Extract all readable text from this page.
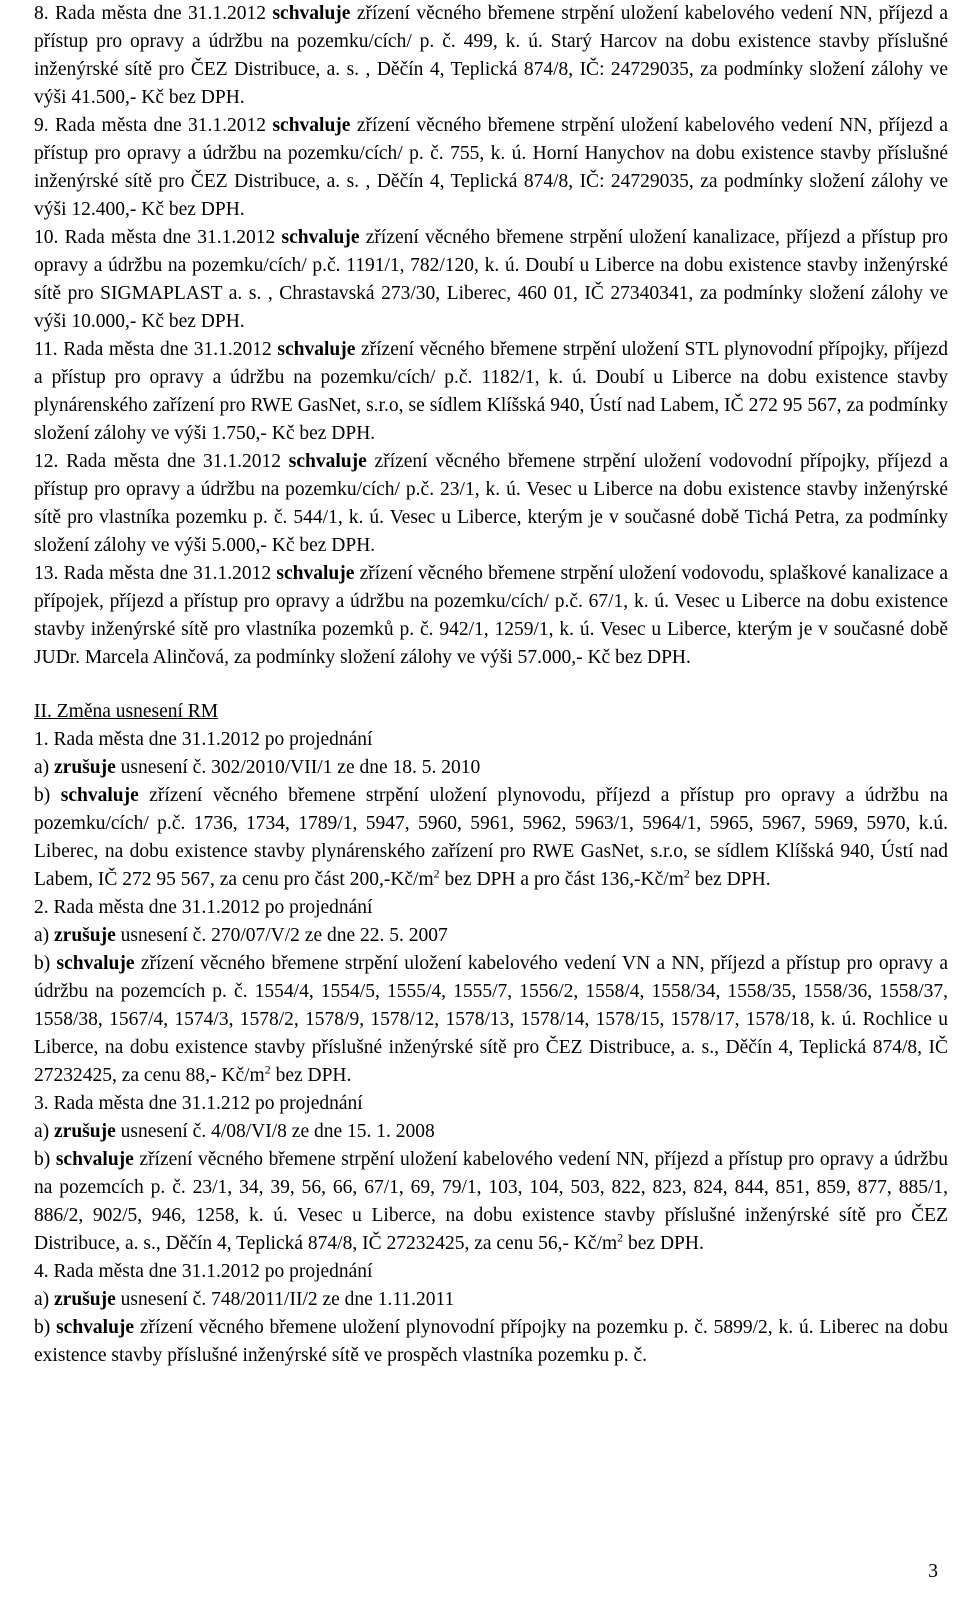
8. Rada města dne 31.1.2012 schvaluje zřízení věcného břemene strpění uložení kabelového vedení NN, příjezd a přístup pro opravy a údržbu na pozemku/cích/ p. č. 499, k. ú. Starý Harcov na dobu existence stavby příslušné inženýrské sítě pro ČEZ Distribuce, a. s. , Děčín 4, Teplická 874/8, IČ: 24729035, za podmínky složení zálohy ve výši 41.500,- Kč bez DPH.

9. Rada města dne 31.1.2012 schvaluje zřízení věcného břemene strpění uložení kabelového vedení NN, příjezd a přístup pro opravy a údržbu na pozemku/cích/ p. č. 755, k. ú. Horní Hanychov na dobu existence stavby příslušné inženýrské sítě pro ČEZ Distribuce, a. s. , Děčín 4, Teplická 874/8, IČ: 24729035, za podmínky složení zálohy ve výši 12.400,- Kč bez DPH.

10. Rada města dne 31.1.2012 schvaluje zřízení věcného břemene strpění uložení kanalizace, příjezd a přístup pro opravy a údržbu na pozemku/cích/ p.č. 1191/1, 782/120, k. ú. Doubí u Liberce na dobu existence stavby inženýrské sítě pro SIGMAPLAST a. s. , Chrastavská 273/30, Liberec, 460 01, IČ 27340341, za podmínky složení zálohy ve výši 10.000,- Kč bez DPH.

11. Rada města dne 31.1.2012 schvaluje zřízení věcného břemene strpění uložení STL plynovodní přípojky, příjezd a přístup pro opravy a údržbu na pozemku/cích/ p.č. 1182/1, k. ú. Doubí u Liberce na dobu existence stavby plynárenského zařízení pro RWE GasNet, s.r.o, se sídlem Klíšská 940, Ústí nad Labem, IČ 272 95 567, za podmínky složení zálohy ve výši 1.750,- Kč bez DPH.

12. Rada města dne 31.1.2012 schvaluje zřízení věcného břemene strpění uložení vodovodní přípojky, příjezd a přístup pro opravy a údržbu na pozemku/cích/ p.č. 23/1, k. ú. Vesec u Liberce na dobu existence stavby inženýrské sítě pro vlastníka pozemku p. č. 544/1, k. ú. Vesec u Liberce, kterým je v současné době Tichá Petra, za podmínky složení zálohy ve výši 5.000,- Kč bez DPH.

13. Rada města dne 31.1.2012 schvaluje zřízení věcného břemene strpění uložení vodovodu, splaškové kanalizace a přípojek, příjezd a přístup pro opravy a údržbu na pozemku/cích/ p.č. 67/1, k. ú. Vesec u Liberce na dobu existence stavby inženýrské sítě pro vlastníka pozemků p. č. 942/1, 1259/1, k. ú. Vesec u Liberce, kterým je v současné době JUDr. Marcela Alinčová, za podmínky složení zálohy ve výši 57.000,- Kč bez DPH.

II. Změna usnesení RM

1. Rada města dne 31.1.2012 po projednání

a) zrušuje usnesení č. 302/2010/VII/1 ze dne 18. 5. 2010

b) schvaluje zřízení věcného břemene strpění uložení plynovodu, příjezd a přístup pro opravy a údržbu na pozemku/cích/ p.č. 1736, 1734, 1789/1, 5947, 5960, 5961, 5962, 5963/1, 5964/1, 5965, 5967, 5969, 5970, k.ú. Liberec, na dobu existence stavby plynárenského zařízení pro RWE GasNet, s.r.o, se sídlem Klíšská 940, Ústí nad Labem, IČ 272 95 567, za cenu pro část $200,-Kč/m^2$ bez DPH a pro část $136,-Kč/m^2$ bez DPH.

2. Rada města dne 31.1.2012 po projednání

a) zrušuje usnesení č. 270/07/V/2 ze dne 22. 5. 2007

b) schvaluje zřízení věcného břemene strpění uložení kabelového vedení VN a NN, příjezd a přístup pro opravy a údržbu na pozemcích p. č. 1554/4, 1554/5, 1555/4, 1555/7, 1556/2, 1558/4, 1558/34, 1558/35, 1558/36, 1558/37, 1558/38, 1567/4, 1574/3, 1578/2, 1578/9, 1578/12, 1578/13, 1578/14, 1578/15, 1578/17, 1578/18, k. ú. Rochlice u Liberce, na dobu existence stavby příslušné inženýrské sítě pro ČEZ Distribuce, a. s., Děčín 4, Teplická 874/8, IČ 27232425, za cenu 88,- $Kč/m^2$ bez DPH.

3. Rada města dne 31.1.212 po projednání

a) zrušuje usnesení č. 4/08/VI/8 ze dne 15. 1. 2008

b) schvaluje zřízení věcného břemene strpění uložení kabelového vedení NN, příjezd a přístup pro opravy a údržbu na pozemcích p. č. 23/1, 34, 39, 56, 66, 67/1, 69, 79/1, 103, 104, 503, 822, 823, 824, 844, 851, 859, 877, 885/1, 886/2, 902/5, 946, 1258, k. ú. Vesec u Liberce, na dobu existence stavby příslušné inženýrské sítě pro ČEZ Distribuce, a. s., Děčín 4, Teplická 874/8, IČ 27232425, za cenu 56,- $Kč/m^2$ bez DPH.

4. Rada města dne 31.1.2012 po projednání

a) zrušuje usnesení č. 748/2011/II/2 ze dne 1.11.2011

b) schvaluje zřízení věcného břemene uložení plynovodní přípojky na pozemku p. č. 5899/2, k. ú. Liberec na dobu existence stavby příslušné inženýrské sítě ve prospěch vlastníka pozemku p. č.

3
